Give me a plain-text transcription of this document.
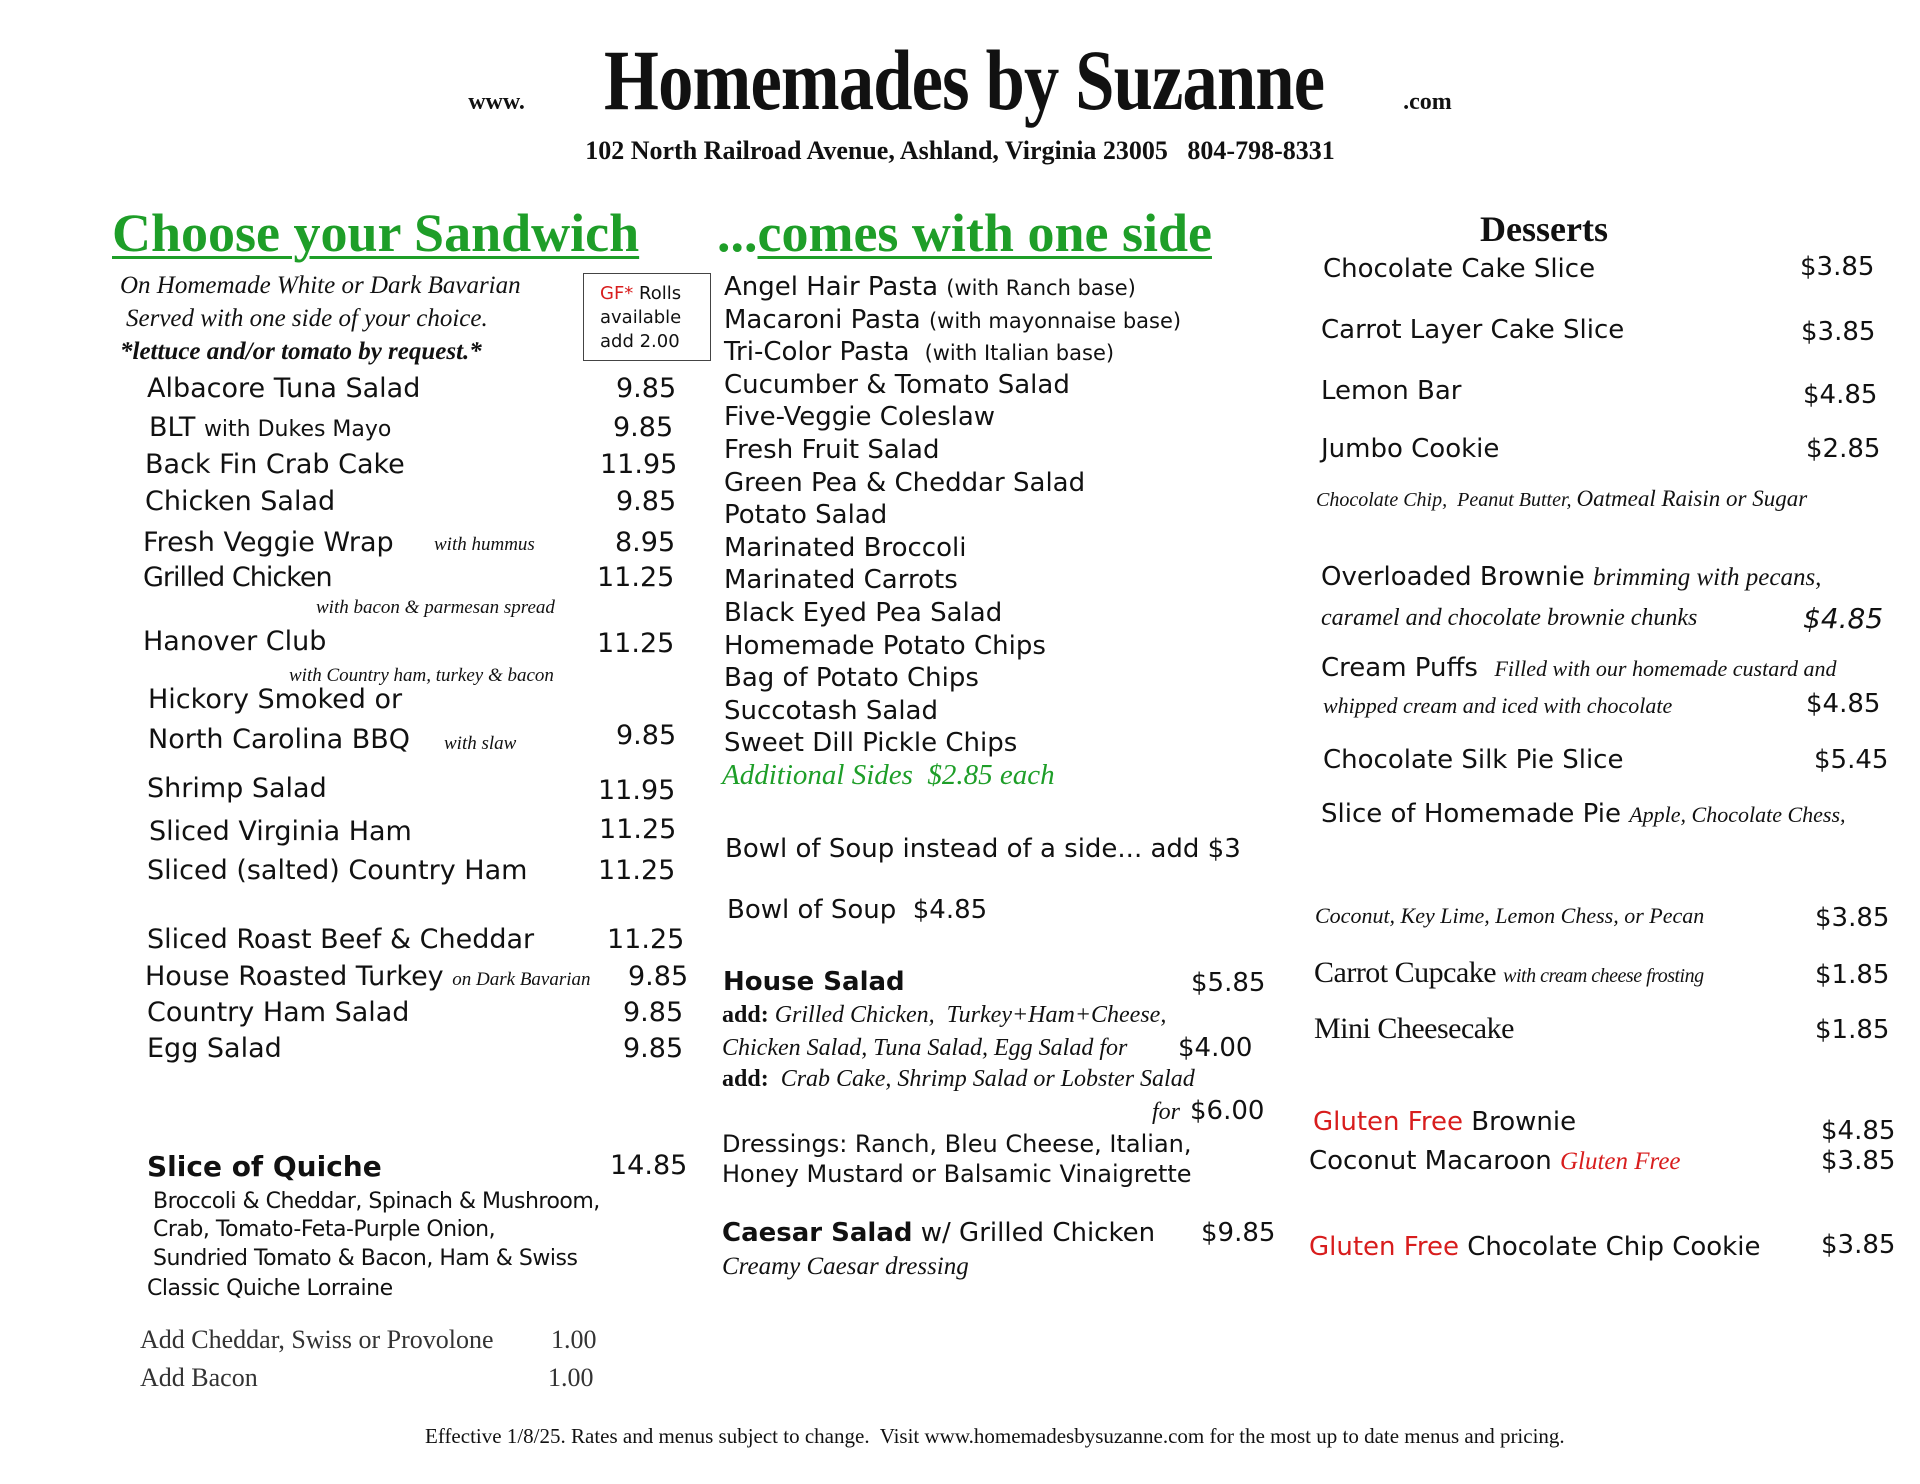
www. Homemades by Suzanne	.com
102 North Railroad Avenue, Ashland, Virginia 23005 804-798-8331
Choose your Sandwich
On Homemade White or Dark Bavarian
Served with one side of your choice.
*lettuce and/or tomato by request.*
GF* Rolls
available
add 2.00
Albacore Tuna Salad	9.85
BLT with Dukes Mayo	9.85
Back Fin Crab Cake	11.95
Chicken Salad	9.85
Fresh Veggie Wrap with hummus	8.95
Grilled Chicken	11.25
with bacon & parmesan spread
Hanover Club	11.25
with Country ham, turkey & bacon
Hickory Smoked or
North Carolina BBQ with slaw	9.85
Shrimp Salad	11.95
Sliced Virginia Ham	11.25
Sliced (salted) Country Ham	11.25
Sliced Roast Beef & Cheddar	11.25
House Roasted Turkey on Dark Bavarian 9.85
Country Ham Salad	9.85
Egg Salad	9.85
Slice of Quiche	14.85
Broccoli & Cheddar, Spinach & Mushroom,
Crab, Tomato-Feta-Purple Onion,
Sundried Tomato & Bacon, Ham & Swiss
Classic Quiche Lorraine
Add Cheddar, Swiss or Provolone 1.00
Add Bacon	1.00
...comes with one side
Angel Hair Pasta (with Ranch base)
Macaroni Pasta (with mayonnaise base)
Tri-Color Pasta  (with Italian base)
Cucumber & Tomato Salad
Five-Veggie Coleslaw
Fresh Fruit Salad
Green Pea & Cheddar Salad
Potato Salad
Marinated Broccoli
Marinated Carrots
Black Eyed Pea Salad
Homemade Potato Chips
Bag of Potato Chips
Succotash Salad
Sweet Dill Pickle Chips
Additional Sides  $2.85 each
Bowl of Soup instead of a side... add $3
Bowl of Soup  $4.85
House Salad	$5.85
add: Grilled Chicken,  Turkey+Ham+Cheese,
Chicken Salad, Tuna Salad, Egg Salad for $4.00
add: Crab Cake, Shrimp Salad or Lobster Salad
for $6.00
Dressings: Ranch, Bleu Cheese, Italian,
Honey Mustard or Balsamic Vinaigrette
Caesar Salad w/ Grilled Chicken $9.85
Creamy Caesar dressing
Desserts
Chocolate Cake Slice	$3.85
Carrot Layer Cake Slice	$3.85
Lemon Bar	$4.85
Jumbo Cookie	$2.85
Chocolate Chip,  Peanut Butter, Oatmeal Raisin or Sugar
Overloaded Brownie brimming with pecans,
caramel and chocolate brownie chunks	$4.85
Cream Puffs Filled with our homemade custard and
whipped cream and iced with chocolate	$4.85
Chocolate Silk Pie Slice	$5.45
Slice of Homemade Pie Apple, Chocolate Chess,
Coconut, Key Lime, Lemon Chess, or Pecan	$3.85
Carrot Cupcake with cream cheese frosting	$1.85
Mini Cheesecake	$1.85
Gluten Free Brownie	$4.85
Coconut Macaroon Gluten Free	$3.85
Gluten Free Chocolate Chip Cookie $3.85
Effective 1/8/25. Rates and menus subject to change.  Visit www.homemadesbysuzanne.com for the most up to date menus and pricing.
